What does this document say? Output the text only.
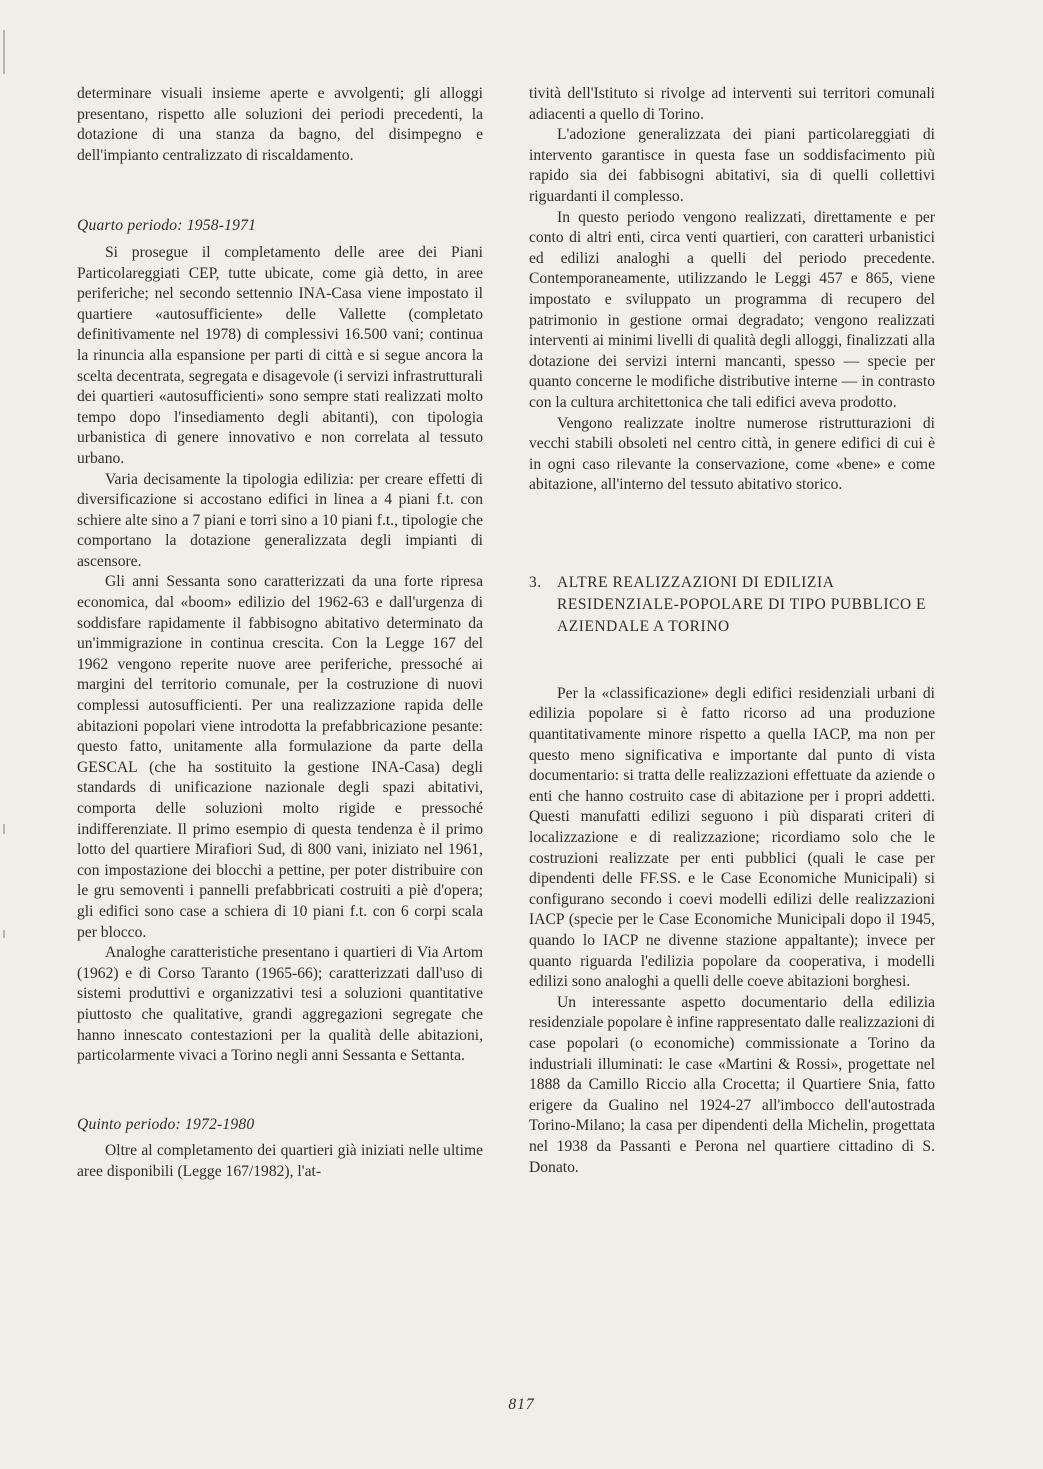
determinare visuali insieme aperte e avvolgenti; gli alloggi presentano, rispetto alle soluzioni dei periodi precedenti, la dotazione di una stanza da bagno, del disimpegno e dell'impianto centralizzato di riscaldamento.

Quarto periodo: 1958-1971

Si prosegue il completamento delle aree dei Piani Particolareggiati CEP, tutte ubicate, come già detto, in aree periferiche; nel secondo settennio INA-Casa viene impostato il quartiere «autosufficiente» delle Vallette (completato definitivamente nel 1978) di complessivi 16.500 vani; continua la rinuncia alla espansione per parti di città e si segue ancora la scelta decentrata, segregata e disagevole (i servizi infrastrutturali dei quartieri «autosufficienti» sono sempre stati realizzati molto tempo dopo l'insediamento degli abitanti), con tipologia urbanistica di genere innovativo e non correlata al tessuto urbano.

Varia decisamente la tipologia edilizia: per creare effetti di diversificazione si accostano edifici in linea a 4 piani f.t. con schiere alte sino a 7 piani e torri sino a 10 piani f.t., tipologie che comportano la dotazione generalizzata degli impianti di ascensore.

Gli anni Sessanta sono caratterizzati da una forte ripresa economica, dal «boom» edilizio del 1962-63 e dall'urgenza di soddisfare rapidamente il fabbisogno abitativo determinato da un'immigrazione in continua crescita. Con la Legge 167 del 1962 vengono reperite nuove aree periferiche, pressoché ai margini del territorio comunale, per la costruzione di nuovi complessi autosufficienti. Per una realizzazione rapida delle abitazioni popolari viene introdotta la prefabbricazione pesante: questo fatto, unitamente alla formulazione da parte della GESCAL (che ha sostituito la gestione INA-Casa) degli standards di unificazione nazionale degli spazi abitativi, comporta delle soluzioni molto rigide e pressoché indifferenziate. Il primo esempio di questa tendenza è il primo lotto del quartiere Mirafiori Sud, di 800 vani, iniziato nel 1961, con impostazione dei blocchi a pettine, per poter distribuire con le gru semoventi i pannelli prefabbricati costruiti a piè d'opera; gli edifici sono case a schiera di 10 piani f.t. con 6 corpi scala per blocco.

Analoghe caratteristiche presentano i quartieri di Via Artom (1962) e di Corso Taranto (1965-66); caratterizzati dall'uso di sistemi produttivi e organizzativi tesi a soluzioni quantitative piuttosto che qualitative, grandi aggregazioni segregate che hanno innescato contestazioni per la qualità delle abitazioni, particolarmente vivaci a Torino negli anni Sessanta e Settanta.

Quinto periodo: 1972-1980

Oltre al completamento dei quartieri già iniziati nelle ultime aree disponibili (Legge 167/1982), l'at-

tività dell'Istituto si rivolge ad interventi sui territori comunali adiacenti a quello di Torino.

L'adozione generalizzata dei piani particolareggiati di intervento garantisce in questa fase un soddisfacimento più rapido sia dei fabbisogni abitativi, sia di quelli collettivi riguardanti il complesso.

In questo periodo vengono realizzati, direttamente e per conto di altri enti, circa venti quartieri, con caratteri urbanistici ed edilizi analoghi a quelli del periodo precedente. Contemporaneamente, utilizzando le Leggi 457 e 865, viene impostato e sviluppato un programma di recupero del patrimonio in gestione ormai degradato; vengono realizzati interventi ai minimi livelli di qualità degli alloggi, finalizzati alla dotazione dei servizi interni mancanti, spesso — specie per quanto concerne le modifiche distributive interne — in contrasto con la cultura architettonica che tali edifici aveva prodotto.

Vengono realizzate inoltre numerose ristrutturazioni di vecchi stabili obsoleti nel centro città, in genere edifici di cui è in ogni caso rilevante la conservazione, come «bene» e come abitazione, all'interno del tessuto abitativo storico.

3. ALTRE REALIZZAZIONI DI EDILIZIA RESIDENZIALE-POPOLARE DI TIPO PUBBLICO E AZIENDALE A TORINO

Per la «classificazione» degli edifici residenziali urbani di edilizia popolare si è fatto ricorso ad una produzione quantitativamente minore rispetto a quella IACP, ma non per questo meno significativa e importante dal punto di vista documentario: si tratta delle realizzazioni effettuate da aziende o enti che hanno costruito case di abitazione per i propri addetti. Questi manufatti edilizi seguono i più disparati criteri di localizzazione e di realizzazione; ricordiamo solo che le costruzioni realizzate per enti pubblici (quali le case per dipendenti delle FF.SS. e le Case Economiche Municipali) si configurano secondo i coevi modelli edilizi delle realizzazioni IACP (specie per le Case Economiche Municipali dopo il 1945, quando lo IACP ne divenne stazione appaltante); invece per quanto riguarda l'edilizia popolare da cooperativa, i modelli edilizi sono analoghi a quelli delle coeve abitazioni borghesi.

Un interessante aspetto documentario della edilizia residenziale popolare è infine rappresentato dalle realizzazioni di case popolari (o economiche) commissionate a Torino da industriali illuminati: le case «Martini & Rossi», progettate nel 1888 da Camillo Riccio alla Crocetta; il Quartiere Snia, fatto erigere da Gualino nel 1924-27 all'imbocco dell'autostrada Torino-Milano; la casa per dipendenti della Michelin, progettata nel 1938 da Passanti e Perona nel quartiere cittadino di S. Donato.

817
